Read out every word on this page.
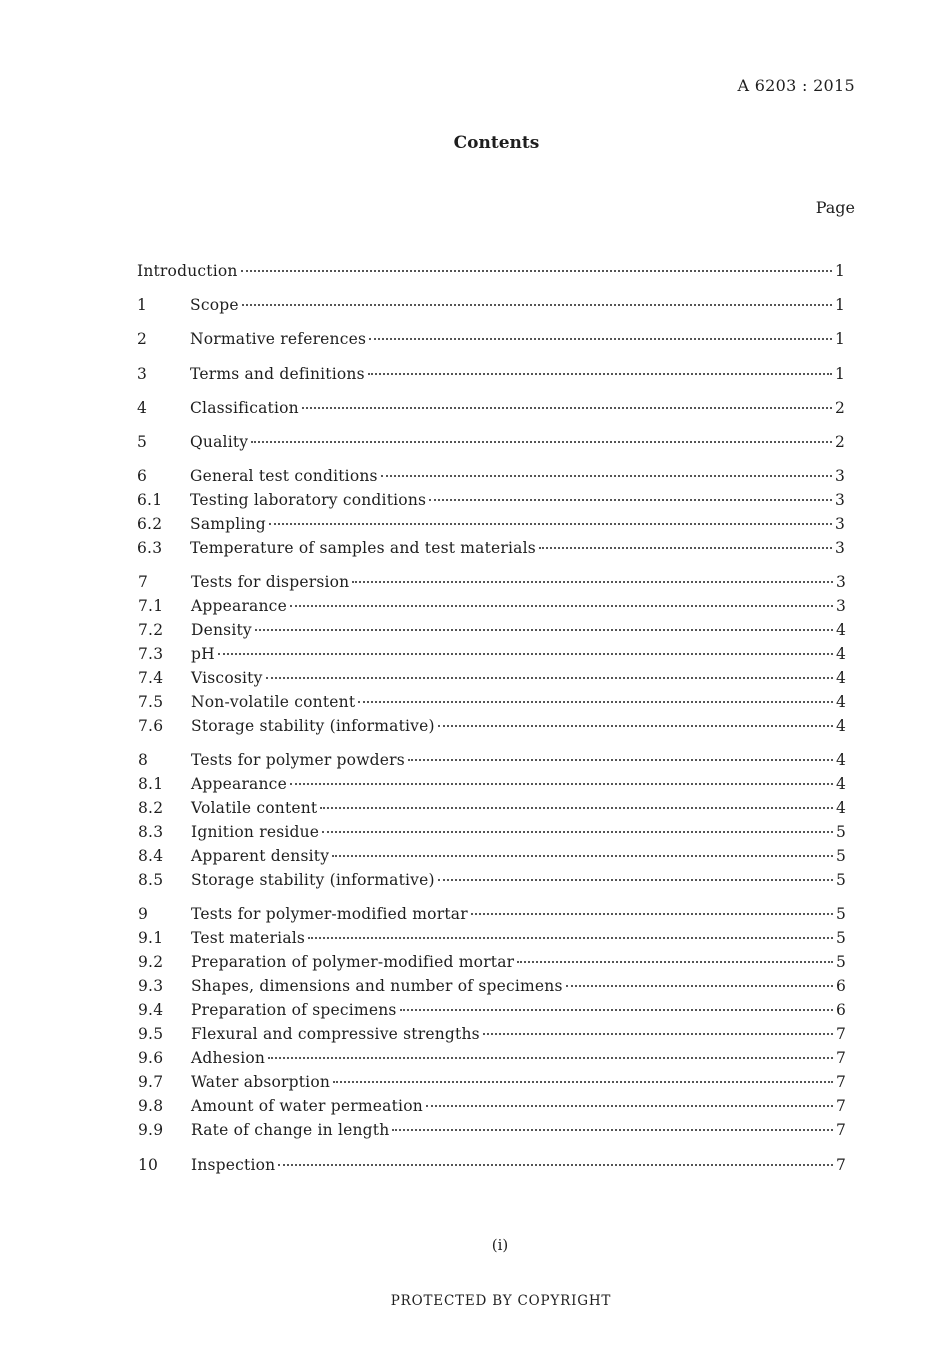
A 6203 : 2015
Contents
Page
Introduction	1
1	Scope	1
2	Normative references	1
3	Terms and definitions	1
4	Classification	2
5	Quality	2
6	General test conditions	3
6.1	Testing laboratory conditions	3
6.2	Sampling	3
6.3	Temperature of samples and test materials	3
7	Tests for dispersion	3
7.1	Appearance	3
7.2	Density	4
7.3	pH	4
7.4	Viscosity	4
7.5	Non-volatile content	4
7.6	Storage stability (informative)	4
8	Tests for polymer powders	4
8.1	Appearance	4
8.2	Volatile content	4
8.3	Ignition residue	5
8.4	Apparent density	5
8.5	Storage stability (informative)	5
9	Tests for polymer-modified mortar	5
9.1	Test materials	5
9.2	Preparation of polymer-modified mortar	5
9.3	Shapes, dimensions and number of specimens	6
9.4	Preparation of specimens	6
9.5	Flexural and compressive strengths	7
9.6	Adhesion	7
9.7	Water absorption	7
9.8	Amount of water permeation	7
9.9	Rate of change in length	7
10	Inspection	7
(i)
PROTECTED BY COPYRIGHT
